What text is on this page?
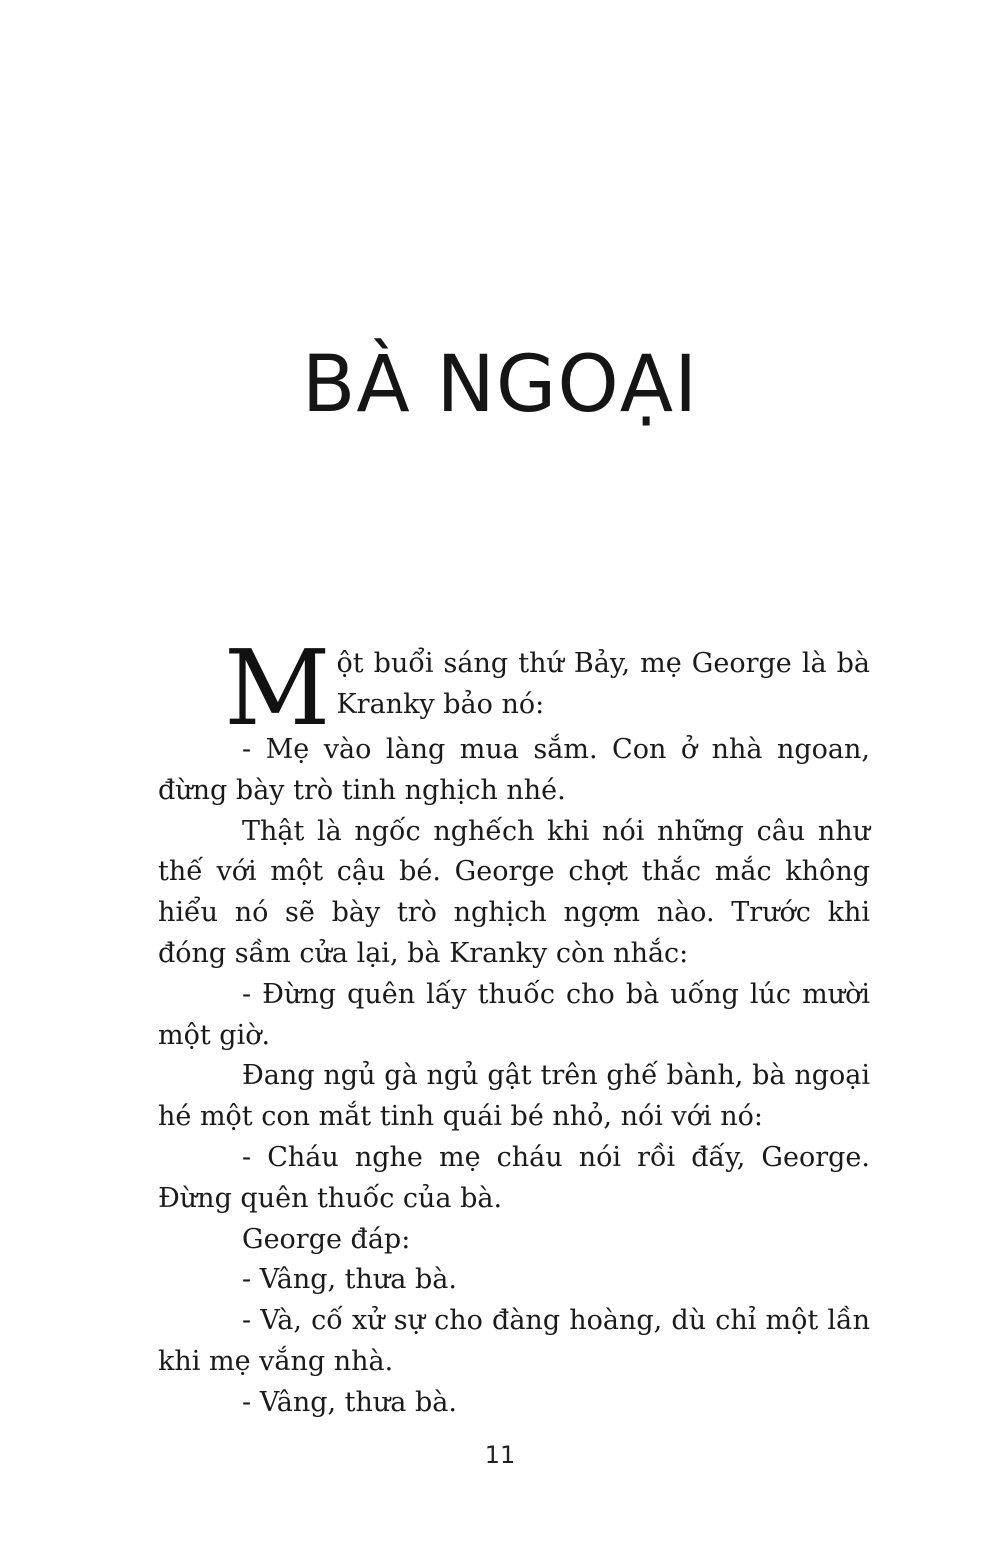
BÀ NGOẠI

Một buổi sáng thứ Bảy, mẹ George là bà Kranky bảo nó:

- Mẹ vào làng mua sắm. Con ở nhà ngoan, đừng bày trò tinh nghịch nhé.

Thật là ngốc nghếch khi nói những câu như thế với một cậu bé. George chợt thắc mắc không hiểu nó sẽ bày trò nghịch ngợm nào. Trước khi đóng sầm cửa lại, bà Kranky còn nhắc:

- Đừng quên lấy thuốc cho bà uống lúc mười một giờ.

Đang ngủ gà ngủ gật trên ghế bành, bà ngoại hé một con mắt tinh quái bé nhỏ, nói với nó:

- Cháu nghe mẹ cháu nói rồi đấy, George. Đừng quên thuốc của bà.

George đáp:

- Vâng, thưa bà.

- Và, cố xử sự cho đàng hoàng, dù chỉ một lần khi mẹ vắng nhà.

- Vâng, thưa bà.

11
